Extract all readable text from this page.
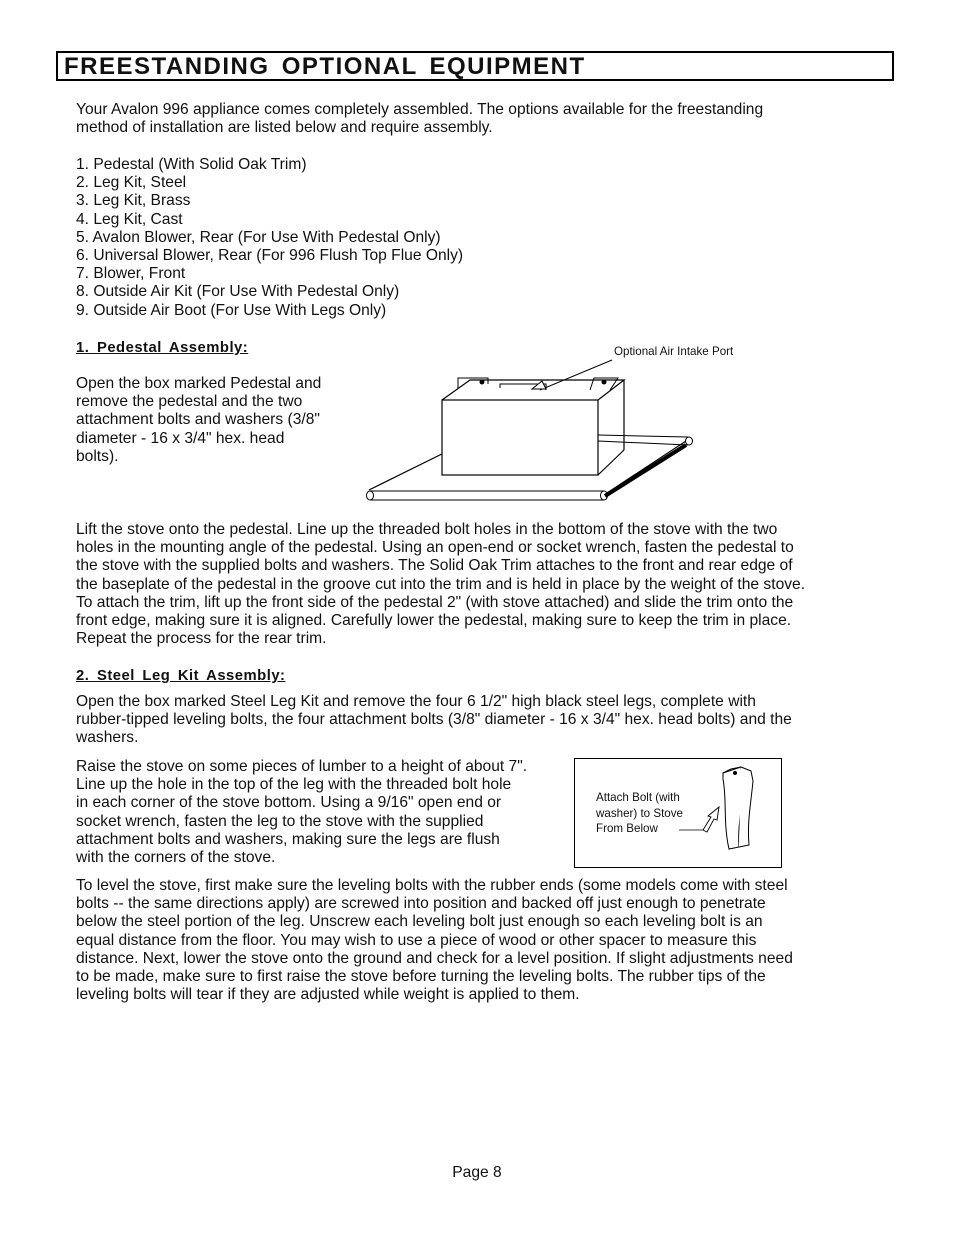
FREESTANDING OPTIONAL EQUIPMENT
Your Avalon 996 appliance comes completely assembled. The options available for the freestanding
method of installation are listed below and require assembly.
1. Pedestal (With Solid Oak Trim)
2. Leg Kit, Steel
3. Leg Kit, Brass
4. Leg Kit, Cast
5. Avalon Blower, Rear (For Use With Pedestal Only)
6. Universal Blower, Rear (For 996 Flush Top Flue Only)
7. Blower, Front
8. Outside Air Kit (For Use With Pedestal Only)
9. Outside Air Boot (For Use With Legs Only)
1. Pedestal Assembly:
Open the box marked Pedestal and
remove the pedestal and the two
attachment bolts and washers (3/8"
diameter - 16 x 3/4" hex. head
bolts).
Optional Air Intake Port
Lift the stove onto the pedestal. Line up the threaded bolt holes in the bottom of the stove with the two
holes in the mounting angle of the pedestal. Using an open-end or socket wrench, fasten the pedestal to
the stove with the supplied bolts and washers. The Solid Oak Trim attaches to the front and rear edge of
the baseplate of the pedestal in the groove cut into the trim and is held in place by the weight of the stove.
To attach the trim, lift up the front side of the pedestal 2" (with stove attached) and slide the trim onto the
front edge, making sure it is aligned. Carefully lower the pedestal, making sure to keep the trim in place.
Repeat the process for the rear trim.
2. Steel Leg Kit Assembly:
Open the box marked Steel Leg Kit and remove the four 6 1/2" high black steel legs, complete with
rubber-tipped leveling bolts, the four attachment bolts (3/8" diameter - 16 x 3/4" hex. head bolts) and the
washers.
Raise the stove on some pieces of lumber to a height of about 7".
Line up the hole in the top of the leg with the threaded bolt hole
in each corner of the stove bottom. Using a 9/16" open end or
socket wrench, fasten the leg to the stove with the supplied
attachment bolts and washers, making sure the legs are flush
with the corners of the stove.
Attach Bolt (with
washer) to Stove
From Below
To level the stove, first make sure the leveling bolts with the rubber ends (some models come with steel
bolts -- the same directions apply) are screwed into position and backed off just enough to penetrate
below the steel portion of the leg. Unscrew each leveling bolt just enough so each leveling bolt is an
equal distance from the floor. You may wish to use a piece of wood or other spacer to measure this
distance. Next, lower the stove onto the ground and check for a level position. If slight adjustments need
to be made, make sure to first raise the stove before turning the leveling bolts. The rubber tips of the
leveling bolts will tear if they are adjusted while weight is applied to them.
Page 8
